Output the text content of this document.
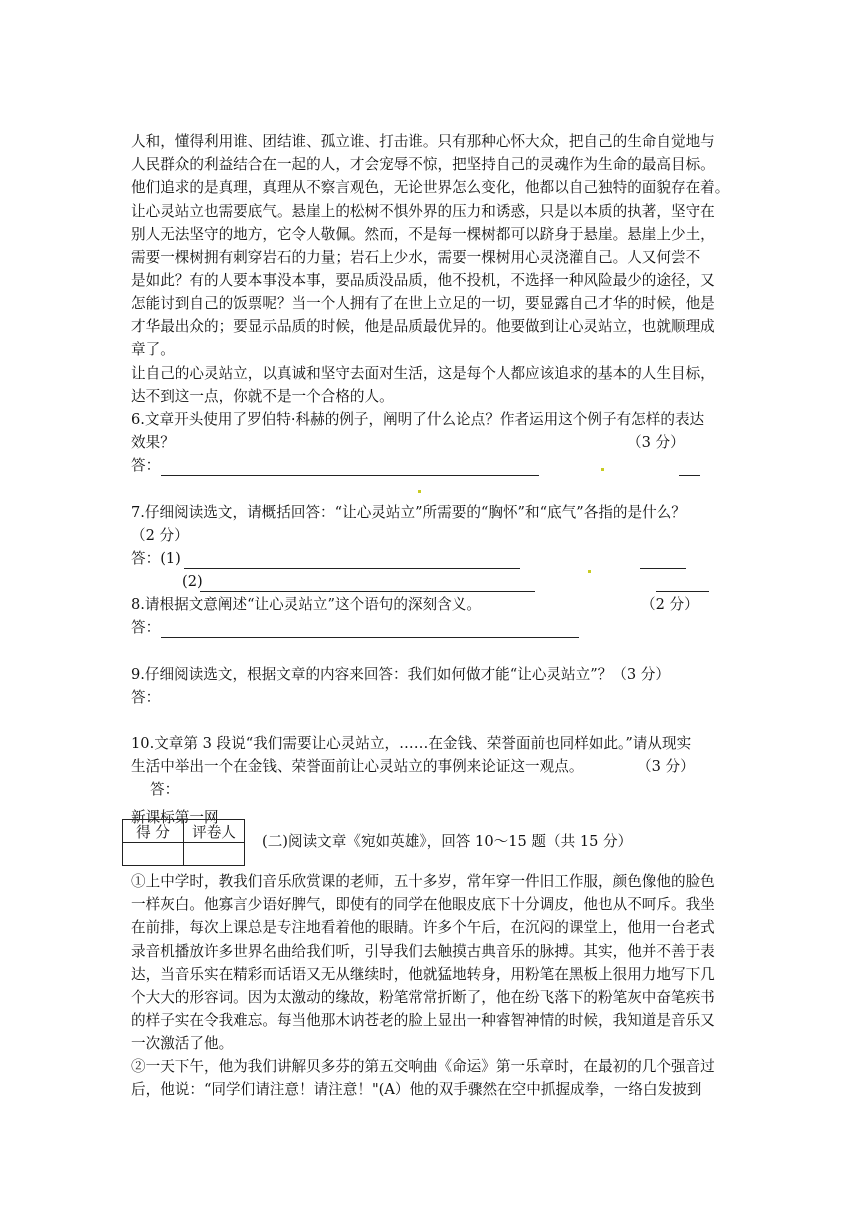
人和，懂得利用谁、团结谁、孤立谁、打击谁。只有那种心怀大众，把自己的生命自觉地与
人民群众的利益结合在一起的人，才会宠辱不惊，把坚持自己的灵魂作为生命的最高目标。
他们追求的是真理，真理从不察言观色，无论世界怎么变化，他都以自己独特的面貌存在着。
让心灵站立也需要底气。悬崖上的松树不惧外界的压力和诱惑，只是以本质的执著，坚守在
别人无法坚守的地方，它令人敬佩。然而，不是每一棵树都可以跻身于悬崖。悬崖上少土，
需要一棵树拥有刺穿岩石的力量；岩石上少水，需要一棵树用心灵浇灌自己。人又何尝不
是如此？有的人要本事没本事，要品质没品质，他不投机，不选择一种风险最少的途径，又
怎能讨到自己的饭票呢？当一个人拥有了在世上立足的一切，要显露自己才华的时候，他是
才华最出众的；要显示品质的时候，他是品质最优异的。他要做到让心灵站立，也就顺理成
章了。
让自己的心灵站立，以真诚和坚守去面对生活，这是每个人都应该追求的基本的人生目标，
达不到这一点，你就不是一个合格的人。
6.文章开头使用了罗伯特·科赫的例子，阐明了什么论点？作者运用这个例子有怎样的表达
效果？	（3 分）
答：
7.仔细阅读选文，请概括回答：“让心灵站立”所需要的“胸怀”和“底气”各指的是什么？
（2 分）
答：(1)
(2)
8.请根据文意阐述“让心灵站立”这个语句的深刻含义。	（2 分）
答：
9.仔细阅读选文，根据文章的内容来回答：我们如何做才能“让心灵站立”？（3 分）
答：
10.文章第 3 段说“我们需要让心灵站立，……在金钱、荣誉面前也同样如此。”请从现实
生活中举出一个在金钱、荣誉面前让心灵站立的事例来论证这一观点。	（3 分）
答：
新课标第一网
得 分	评卷人

(二)阅读文章《宛如英雄》，回答 10～15 题（共 15 分）
①上中学时，教我们音乐欣赏课的老师，五十多岁，常年穿一件旧工作服，颜色像他的脸色
一样灰白。他寡言少语好脾气，即使有的同学在他眼皮底下十分调皮，他也从不呵斥。我坐
在前排，每次上课总是专注地看着他的眼睛。许多个午后，在沉闷的课堂上，他用一台老式
录音机播放许多世界名曲给我们听，引导我们去触摸古典音乐的脉搏。其实，他并不善于表
达，当音乐实在精彩而话语又无从继续时，他就猛地转身，用粉笔在黑板上很用力地写下几
个大大的形容词。因为太激动的缘故，粉笔常常折断了，他在纷飞落下的粉笔灰中奋笔疾书
的样子实在令我难忘。每当他那木讷苍老的脸上显出一种睿智神情的时候，我知道是音乐又
一次激活了他。
②一天下午，他为我们讲解贝多芬的第五交响曲《命运》第一乐章时，在最初的几个强音过
后，他说：“同学们请注意！请注意！"(A）他的双手骤然在空中抓握成拳，一络白发披到
